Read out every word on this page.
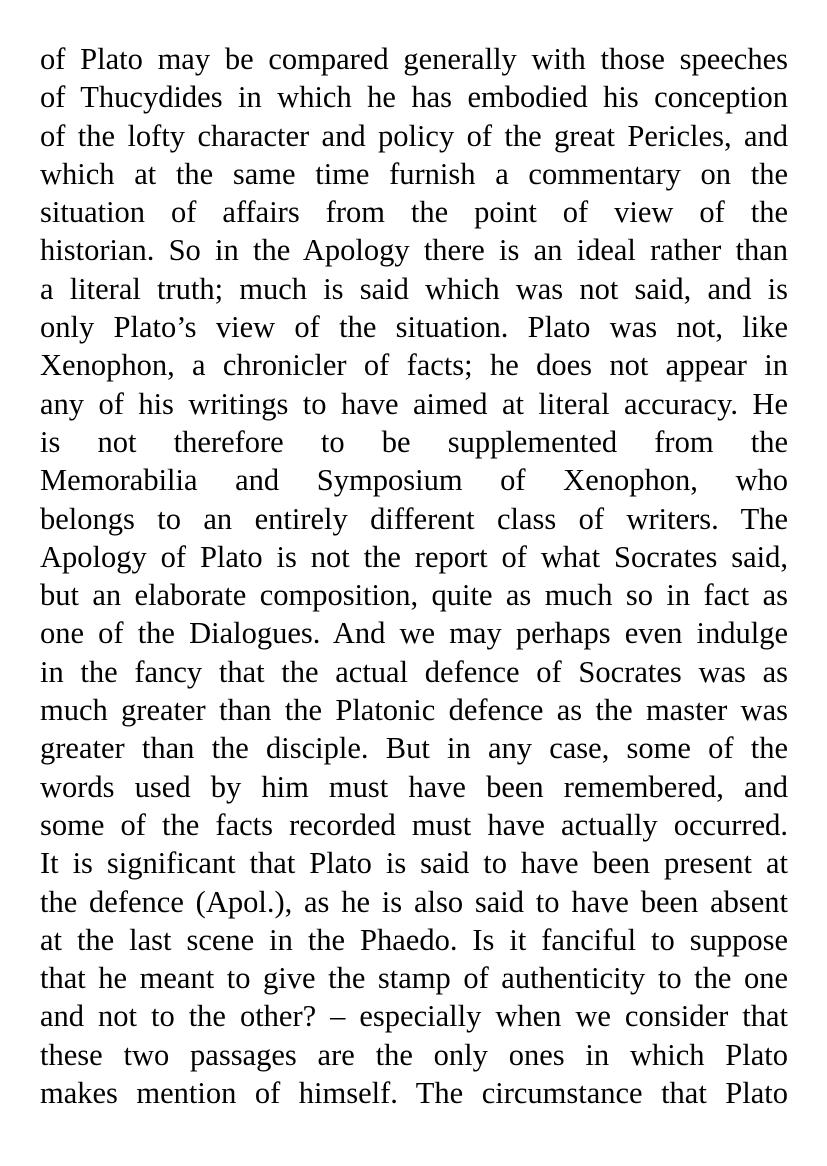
of Plato may be compared generally with those speeches
of Thucydides in which he has embodied his conception
of the lofty character and policy of the great Pericles, and
which at the same time furnish a commentary on the
situation of affairs from the point of view of the
historian. So in the Apology there is an ideal rather than
a literal truth; much is said which was not said, and is
only Plato’s view of the situation. Plato was not, like
Xenophon, a chronicler of facts; he does not appear in
any of his writings to have aimed at literal accuracy. He
is not therefore to be supplemented from the
Memorabilia and Symposium of Xenophon, who
belongs to an entirely different class of writers. The
Apology of Plato is not the report of what Socrates said,
but an elaborate composition, quite as much so in fact as
one of the Dialogues. And we may perhaps even indulge
in the fancy that the actual defence of Socrates was as
much greater than the Platonic defence as the master was
greater than the disciple. But in any case, some of the
words used by him must have been remembered, and
some of the facts recorded must have actually occurred.
It is significant that Plato is said to have been present at
the defence (Apol.), as he is also said to have been absent
at the last scene in the Phaedo. Is it fanciful to suppose
that he meant to give the stamp of authenticity to the one
and not to the other? – especially when we consider that
these two passages are the only ones in which Plato
makes mention of himself. The circumstance that Plato
